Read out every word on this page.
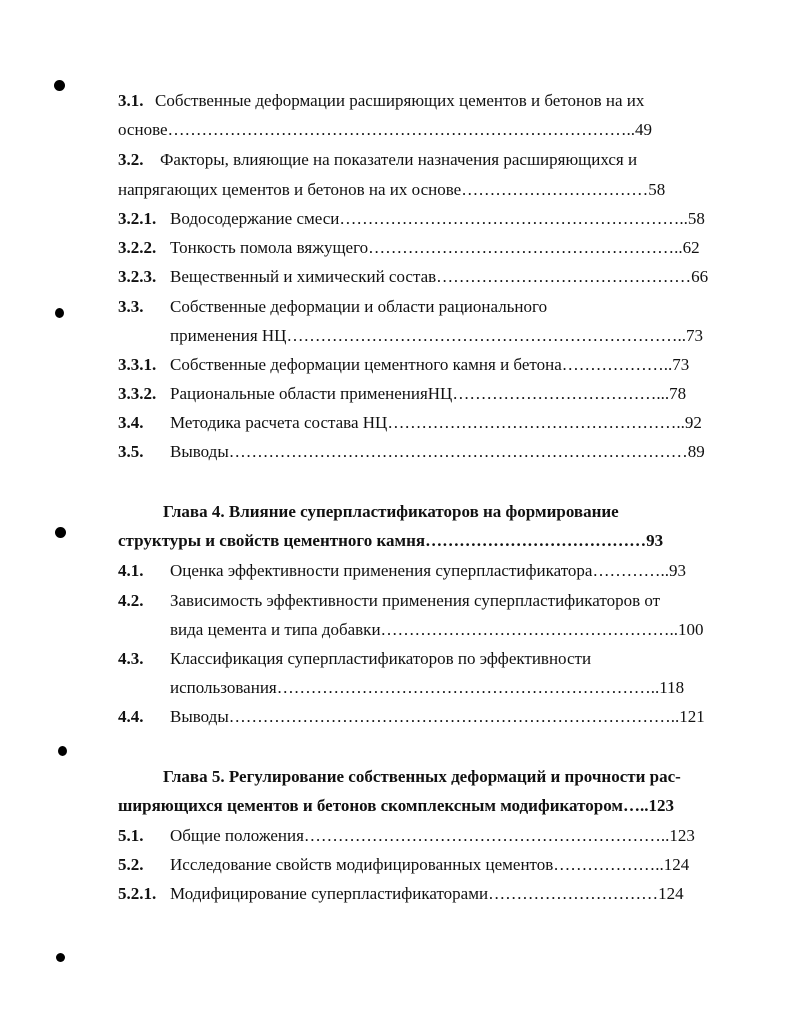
3.1. Собственные деформации расширяющих цементов и бетонов на их
основе………………………………………………………………………..49
3.2. Факторы, влияющие на показатели назначения расширяющихся и
напрягающих цементов и бетонов на их основе……………………………58
3.2.1. Водосодержание смеси……………………………………………………..58
3.2.2. Тонкость помола вяжущего………………………………………………..62
3.2.3. Вещественный и химический состав………………………………………66
3.3. Собственные деформации и области рационального
применения НЦ……………………………………………………………..73
3.3.1. Собственные деформации цементного камня и бетона………………..73
3.3.2. Рациональные области примененияНЦ………………………………...78
3.4. Методика расчета состава НЦ……………………………………………..92
3.5. Выводы………………………………………………………………………89
Глава 4. Влияние суперпластификаторов на формирование
структуры и свойств цементного камня…………………………………93
4.1. Оценка эффективности применения суперпластификатора…………..93
4.2. Зависимость эффективности применения суперпластификаторов от
вида цемента и типа добавки……………………………………………..100
4.3. Классификация суперпластификаторов по эффективности
использования…………………………………………………………..118
4.4. Выводы……………………………………………………………………..121
Глава 5. Регулирование собственных деформаций и прочности рас-
ширяющихся цементов и бетонов скомплексным модификатором…..123
5.1. Общие положения………………………………………………………..123
5.2. Исследование свойств модифицированных цементов………………..124
5.2.1. Модифицирование суперпластификаторами…………………………124
